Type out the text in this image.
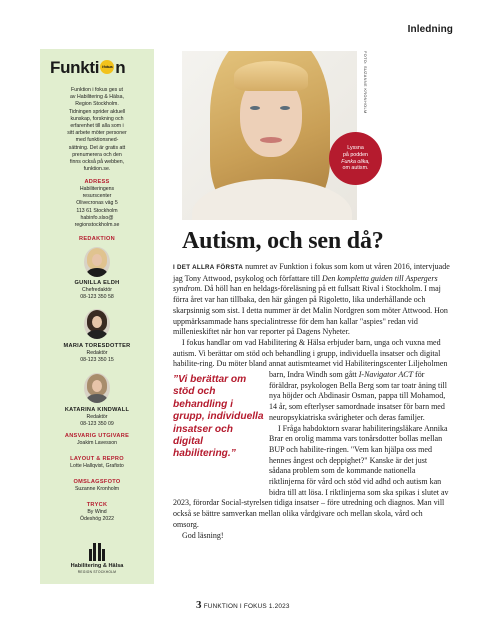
Inledning
Funkti i fokus n
Funktion i fokus ges ut
av Habilitering & Hälsa,
Region Stockholm.
Tidningen sprider aktuell
kunskap, forskning och
erfarenhet till alla som i
sitt arbete möter personer
med funktionsned-
sättning. Det är gratis att
prenumerera och den
finns också på webben,
funktion.se.
ADRESS
Habiliteringens
resurscenter
Olivecronas väg 5
113 61 Stockholm
habinfo.slso@
regionstockholm.se
REDAKTION
GUNILLA ELDH
Chefredaktör
08-123 350 58
MARIA TORESDOTTER
Redaktör
08-123 350 15
KATARINA KINDWALL
Redaktör
08-123 350 09
ANSVARIG UTGIVARE
Joakim Lavesson
LAYOUT & REPRO
Lotte Hallqvist, Grafisto
OMSLAGSFOTO
Suzanne Kronholm
TRYCK
By Wind
Ödeshög 2022
Habilitering & Hälsa
REGION STOCKHOLM
FOTO: SUZANNE KRONHOLM
Lyssna
på podden
Funka olika,
om autism.
Autism, och sen då?

I DET ALLRA FÖRSTA numret av Funktion i fokus som kom ut våren 2016, intervjuade jag Tony Attwood, psykolog och författare till Den kompletta guiden till Aspergers syndrom. Då höll han en heldags-föreläsning på ett fullsatt Rival i Stockholm. I maj förra året var han tillbaka, den här gången på Rigoletto, lika underhållande och skarpsinnig som sist. I detta nummer är det Malin Nordgren som möter Attwood. Hon uppmärksammade hans specialintresse för dem han kallar "aspies" redan vid millenieskiftet när hon var reporter på Dagens Nyheter.

I fokus handlar om vad Habilitering & Hälsa erbjuder barn, unga och vuxna med autism. Vi berättar om stöd och behandling i grupp, individuella insatser och digital habilite-ring. Du möter bland annat autismteamet vid Habiliteringscenter Liljeholmen barn, Indra Windh som gått
I-Navigator ACT för föräldrar, psykologen Bella Berg som tar toatr äning till nya höjder och Abdinasir Osman, pappa till Mohamod, 14 år, som efterlyser samordnade insatser för barn med neuropsykiatriska svårigheter och deras familjer.

I Fråga habdoktorn svarar habiliteringsläkare Annika Brar en orolig mamma vars tonårsdotter bollas mellan BUP och habilite-ringen. "Vem kan hjälpa oss med hennes ångest och deppighet?" Kanske är det just sådana problem som de kommande nationella riktlinjerna för vård och stöd vid adhd och autism kan bidra till att lösa. I riktlinjerna som ska spikas i slutet av 2023, förordar Social-styrelsen tidiga insatser – före utredning och diagnos. Man vill också se bättre samverkan mellan olika vårdgivare och mellan skola, vård och omsorg.

God läsning!

”Vi berättar om stöd och behandling i grupp, individuella insatser och digital habilitering.”
3 FUNKTION I FOKUS 1.2023
